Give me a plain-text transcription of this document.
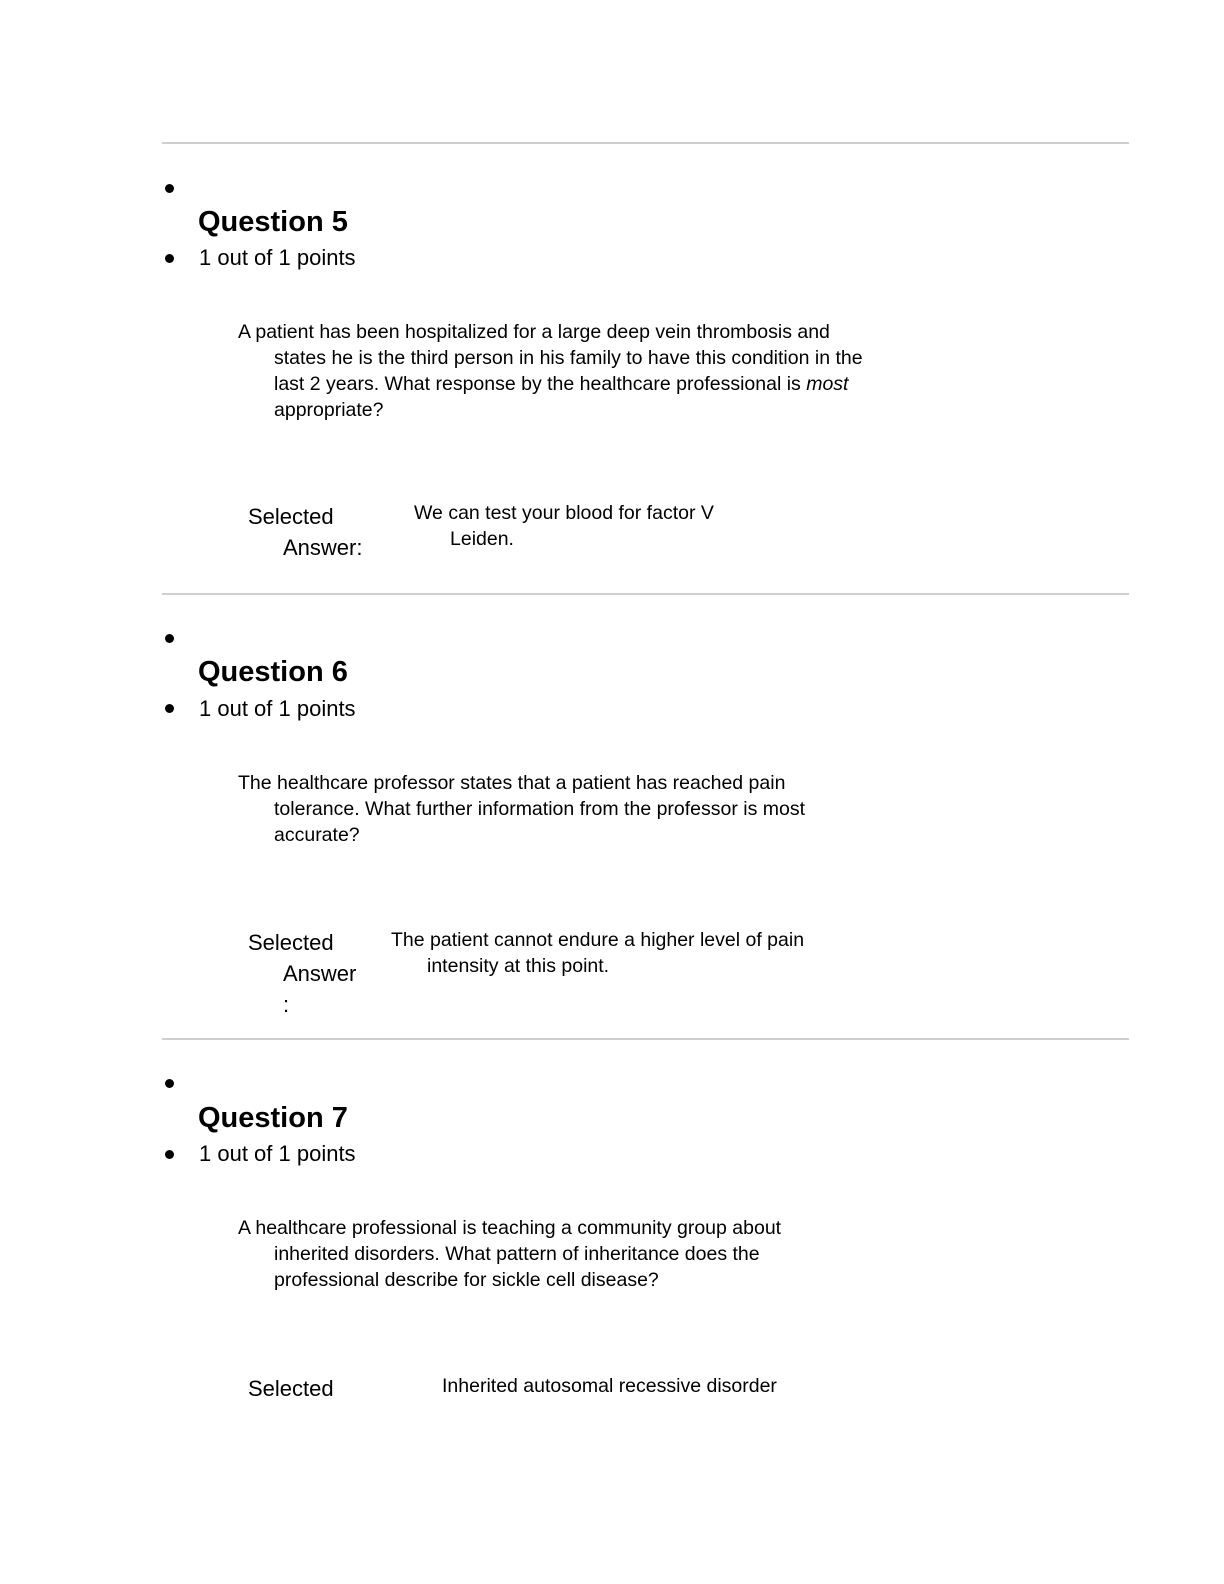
Question 5
1 out of 1 points

A patient has been hospitalized for a large deep vein thrombosis and states he is the third person in his family to have this condition in the last 2 years. What response by the healthcare professional is most appropriate?

Selected Answer:
We can test your blood for factor V Leiden.
Question 6
1 out of 1 points

The healthcare professor states that a patient has reached pain tolerance. What further information from the professor is most accurate?

Selected
Answer
:
The patient cannot endure a higher level of pain intensity at this point.
Question 7
1 out of 1 points

A healthcare professional is teaching a community group about inherited disorders. What pattern of inheritance does the professional describe for sickle cell disease?

Selected	Inherited autosomal recessive disorder
